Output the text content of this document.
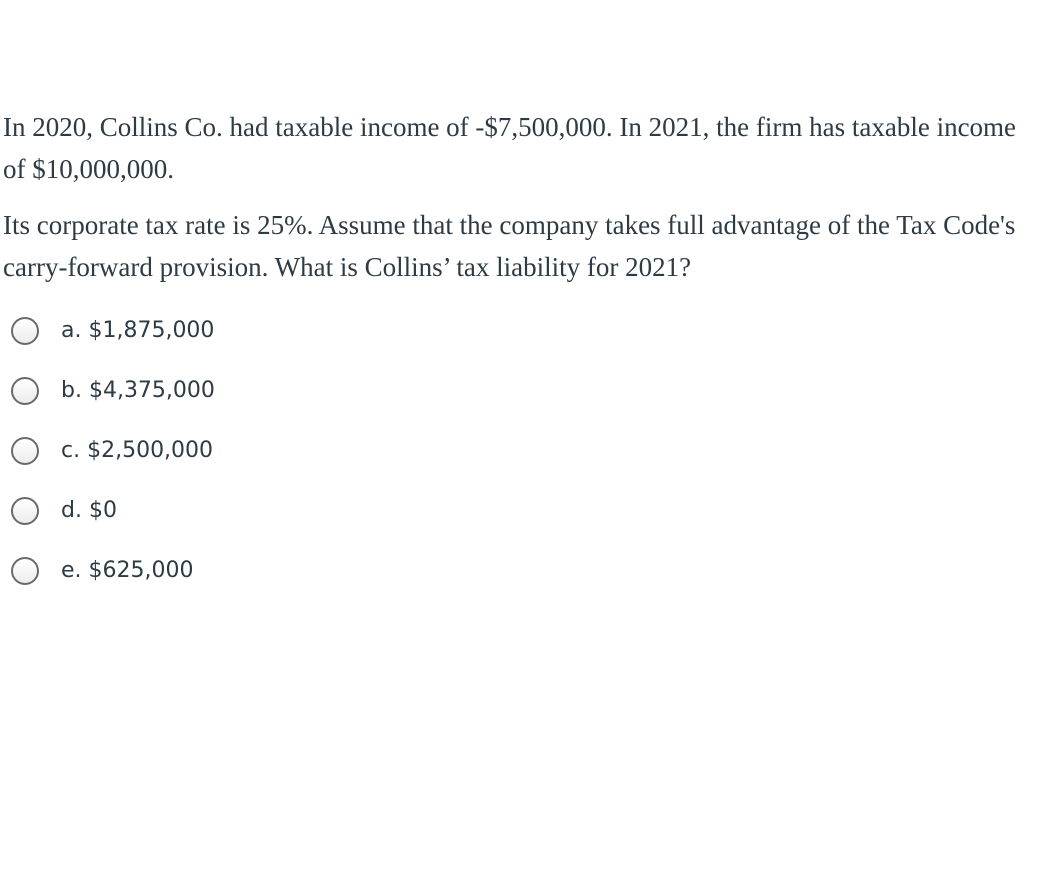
In 2020, Collins Co. had taxable income of -$7,500,000. In 2021, the firm has taxable income of $10,000,000.

Its corporate tax rate is 25%. Assume that the company takes full advantage of the Tax Code's carry-forward provision. What is Collins’ tax liability for 2021?

a. $1,875,000
b. $4,375,000
c. $2,500,000
d. $0
e. $625,000
